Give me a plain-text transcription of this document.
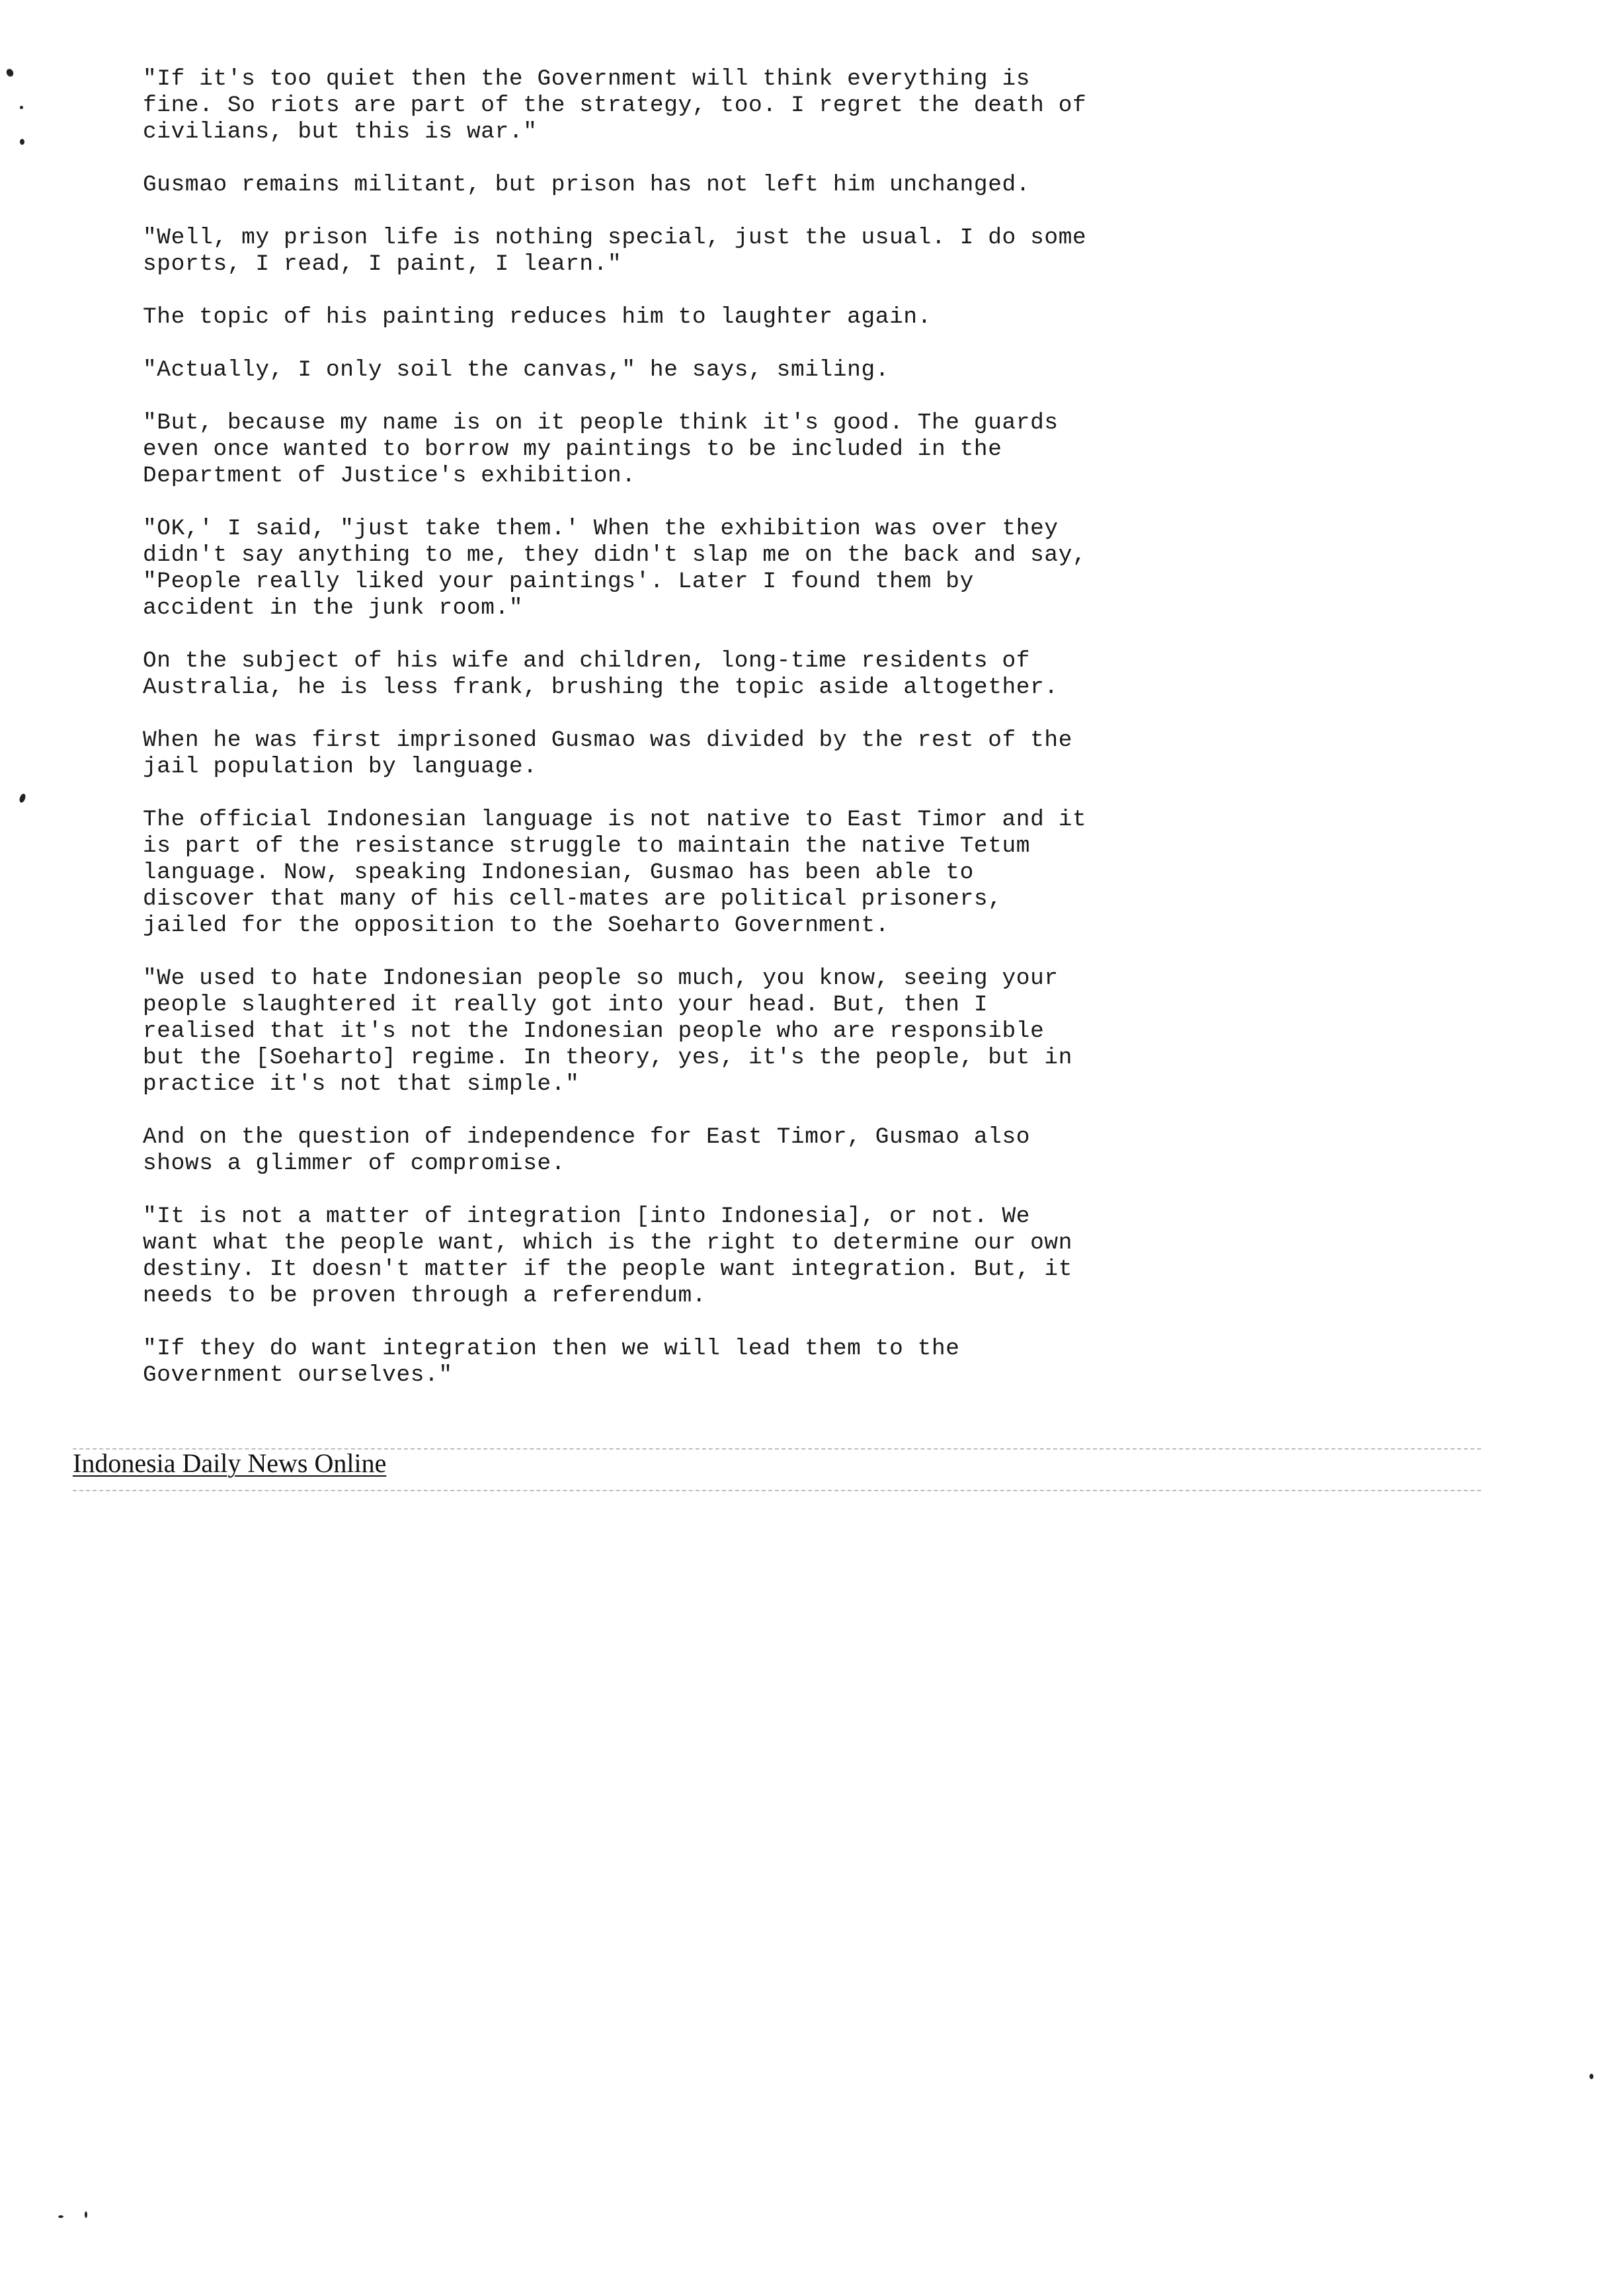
"If it's too quiet then the Government will think everything is
fine. So riots are part of the strategy, too. I regret the death of
civilians, but this is war."

Gusmao remains militant, but prison has not left him unchanged.

"Well, my prison life is nothing special, just the usual. I do some
sports, I read, I paint, I learn."

The topic of his painting reduces him to laughter again.

"Actually, I only soil the canvas," he says, smiling.

"But, because my name is on it people think it's good. The guards
even once wanted to borrow my paintings to be included in the
Department of Justice's exhibition.

"OK,' I said, "just take them.' When the exhibition was over they
didn't say anything to me, they didn't slap me on the back and say,
"People really liked your paintings'. Later I found them by
accident in the junk room."

On the subject of his wife and children, long-time residents of
Australia, he is less frank, brushing the topic aside altogether.

When he was first imprisoned Gusmao was divided by the rest of the
jail population by language.

The official Indonesian language is not native to East Timor and it
is part of the resistance struggle to maintain the native Tetum
language. Now, speaking Indonesian, Gusmao has been able to
discover that many of his cell-mates are political prisoners,
jailed for the opposition to the Soeharto Government.

"We used to hate Indonesian people so much, you know, seeing your
people slaughtered it really got into your head. But, then I
realised that it's not the Indonesian people who are responsible
but the [Soeharto] regime. In theory, yes, it's the people, but in
practice it's not that simple."

And on the question of independence for East Timor, Gusmao also
shows a glimmer of compromise.

"It is not a matter of integration [into Indonesia], or not. We
want what the people want, which is the right to determine our own
destiny. It doesn't matter if the people want integration. But, it
needs to be proven through a referendum.

"If they do want integration then we will lead them to the
Government ourselves."

Indonesia Daily News Online
